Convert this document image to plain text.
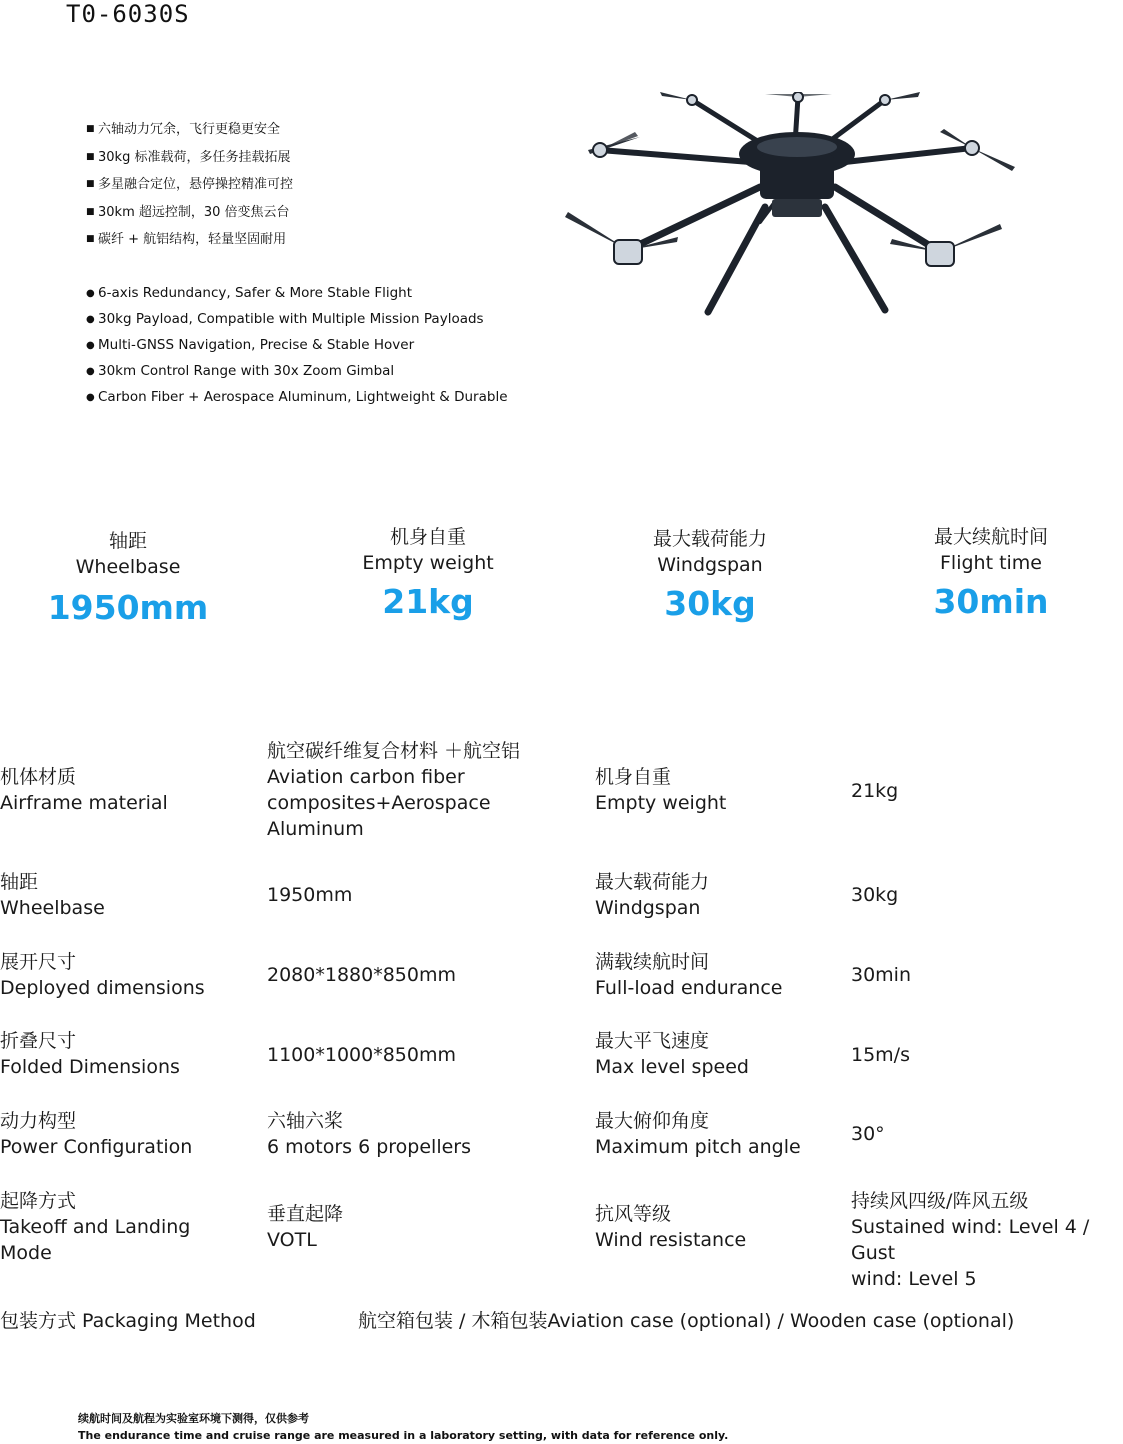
T0-6030S
■ 六轴动力冗余，飞行更稳更安全
■ 30kg 标准载荷，多任务挂载拓展
■ 多星融合定位，悬停操控精准可控
■ 30km 超远控制，30 倍变焦云台
■ 碳纤 + 航铝结构，轻量坚固耐用
● 6-axis Redundancy, Safer & More Stable Flight
● 30kg Payload, Compatible with Multiple Mission Payloads
● Multi-GNSS Navigation, Precise & Stable Hover
● 30km Control Range with 30x Zoom Gimbal
● Carbon Fiber + Aerospace Aluminum, Lightweight & Durable
轴距
Wheelbase
1950mm
机身自重
Empty weight
21kg
最大载荷能力
Windgspan
30kg
最大续航时间
Flight time
30min
机体材质
Airframe material
航空碳纤维复合材料 ＋航空铝
Aviation carbon fiber
composites+Aerospace
Aluminum
机身自重
Empty weight
21kg
轴距
Wheelbase
1950mm
最大载荷能力
Windgspan
30kg
展开尺寸
Deployed dimensions
2080*1880*850mm
满载续航时间
Full-load endurance
30min
折叠尺寸
Folded Dimensions
1100*1000*850mm
最大平飞速度
Max level speed
15m/s
动力构型
Power Configuration
六轴六桨
6 motors 6 propellers
最大俯仰角度
Maximum pitch angle
30°
起降方式
Takeoff and Landing
Mode
垂直起降
VOTL
抗风等级
Wind resistance
持续风四级/阵风五级
Sustained wind: Level 4 / Gust
wind: Level 5
包装方式 Packaging Method	航空箱包装 / 木箱包装Aviation case (optional) / Wooden case (optional)
续航时间及航程为实验室环境下测得，仅供参考
The endurance time and cruise range are measured in a laboratory setting, with data for reference only.
